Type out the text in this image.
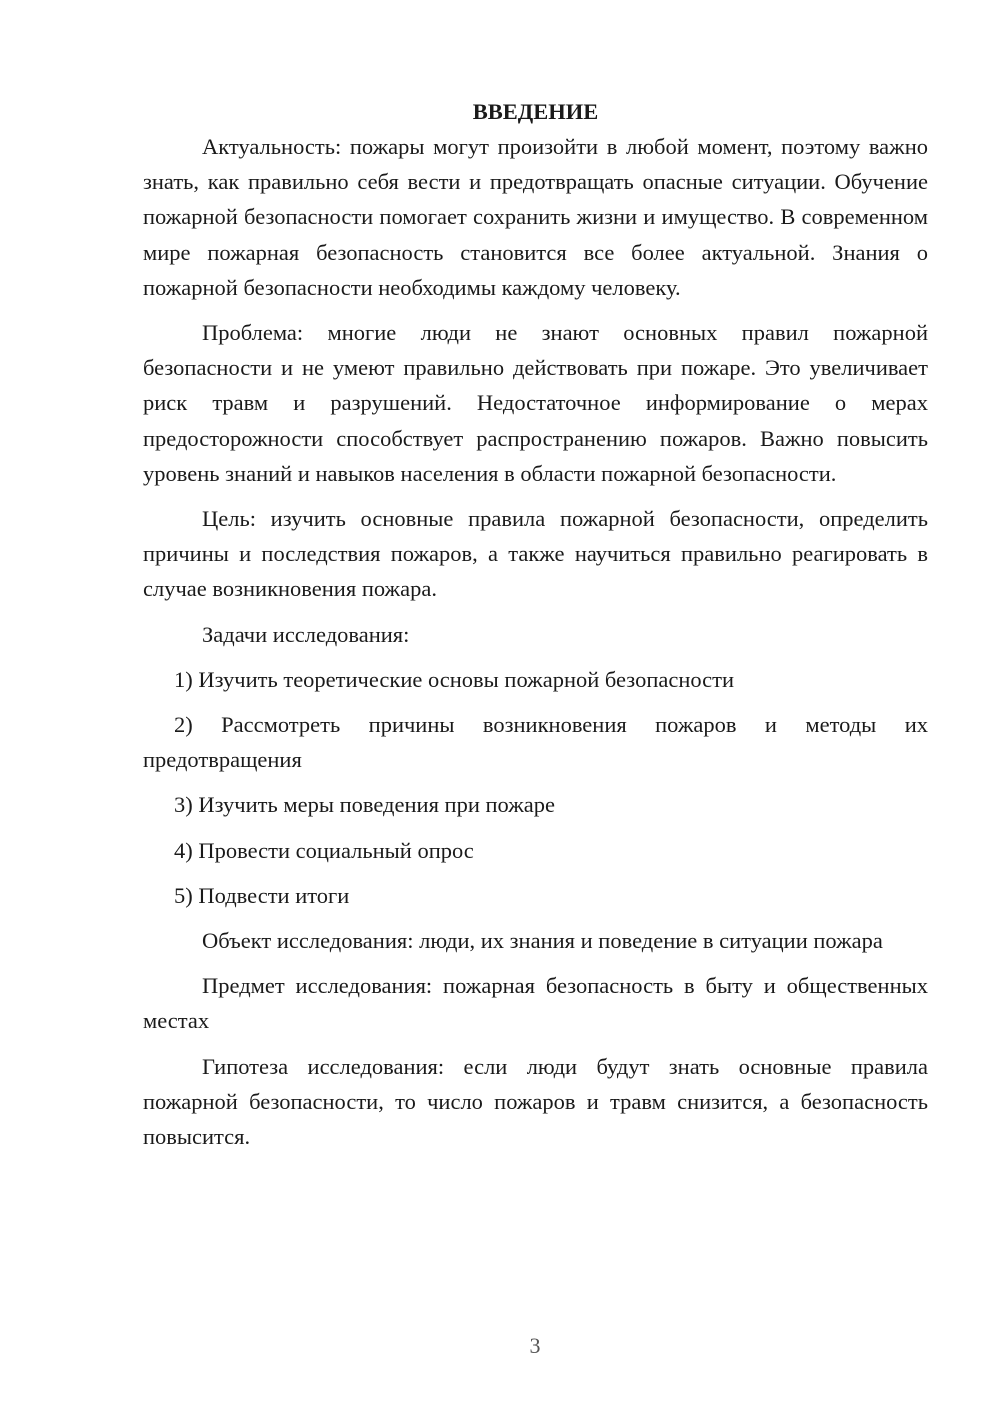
ВВЕДЕНИЕ

Актуальность: пожары могут произойти в любой момент, поэтому важно знать, как правильно себя вести и предотвращать опасные ситуации. Обучение пожарной безопасности помогает сохранить жизни и имущество. В современном мире пожарная безопасность становится все более актуальной. Знания о пожарной безопасности необходимы каждому человеку.

Проблема: многие люди не знают основных правил пожарной безопасности и не умеют правильно действовать при пожаре. Это увеличивает риск травм и разрушений. Недостаточное информирование о мерах предосторожности способствует распространению пожаров. Важно повысить уровень знаний и навыков населения в области пожарной безопасности.

Цель: изучить основные правила пожарной безопасности, определить причины и последствия пожаров, а также научиться правильно реагировать в случае возникновения пожара.

Задачи исследования:

1) Изучить теоретические основы пожарной безопасности

2) Рассмотреть причины возникновения пожаров и методы их предотвращения

3) Изучить меры поведения при пожаре

4) Провести социальный опрос

5) Подвести итоги

Объект исследования: люди, их знания и поведение в ситуации пожара

Предмет исследования: пожарная безопасность в быту и общественных местах

Гипотеза исследования: если люди будут знать основные правила пожарной безопасности, то число пожаров и травм снизится, а безопасность повысится.

3
